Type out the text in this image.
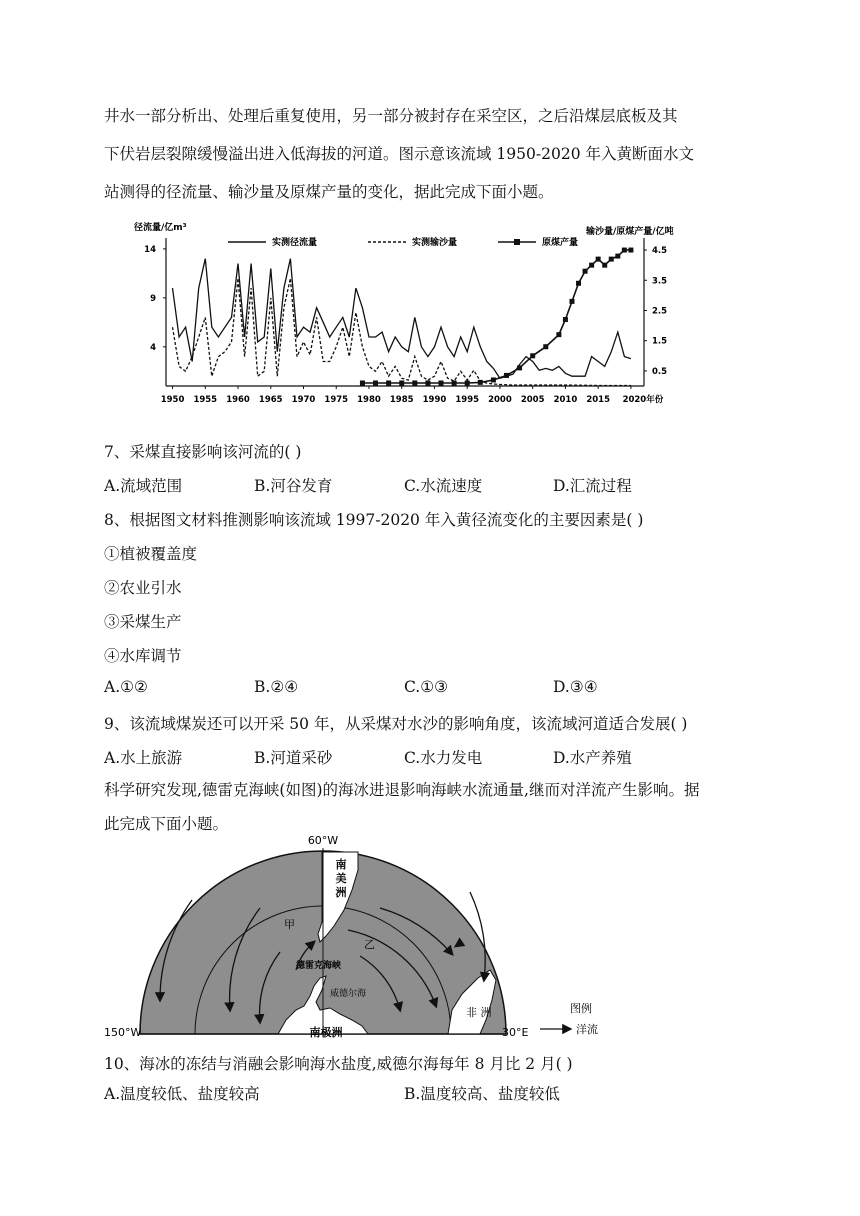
井水一部分析出、处理后重复使用，另一部分被封存在采空区，之后沿煤层底板及其
下伏岩层裂隙缓慢溢出进入低海拔的河道。图示意该流域 1950-2020 年入黄断面水文
站测得的径流量、输沙量及原煤产量的变化，据此完成下面小题。
1950 1955 1960 1965 1970 1975 1980 1985 1990 1995 2000 2005 2010 2015 2020年份
14
9
4
4.5
3.5
2.5
1.5
0.5
径流量/亿m³	输沙量/原煤产量/亿吨
实测径流量	实测输沙量	原煤产量
7、采煤直接影响该河流的( )
A.流域范围	B.河谷发育	C.水流速度	D.汇流过程
8、根据图文材料推测影响该流域 1997-2020 年入黄径流变化的主要因素是( )
①植被覆盖度
②农业引水
③采煤生产
④水库调节
A.①②	B.②④	C.①③	D.③④
9、该流域煤炭还可以开采 50 年，从采煤对水沙的影响角度，该流域河道适合发展( )
A.水上旅游	B.河道采砂	C.水力发电	D.水产养殖
科学研究发现,德雷克海峡(如图)的海冰进退影响海峡水流通量,继而对洋流产生影响。据
此完成下面小题。
60°W
150°W	30°E
南
美
洲
非 洲
南极洲
德雷克海峡
威德尔海
甲
乙
图例
洋流
10、海冰的冻结与消融会影响海水盐度,威德尔海每年 8 月比 2 月( )
A.温度较低、盐度较高	B.温度较高、盐度较低
